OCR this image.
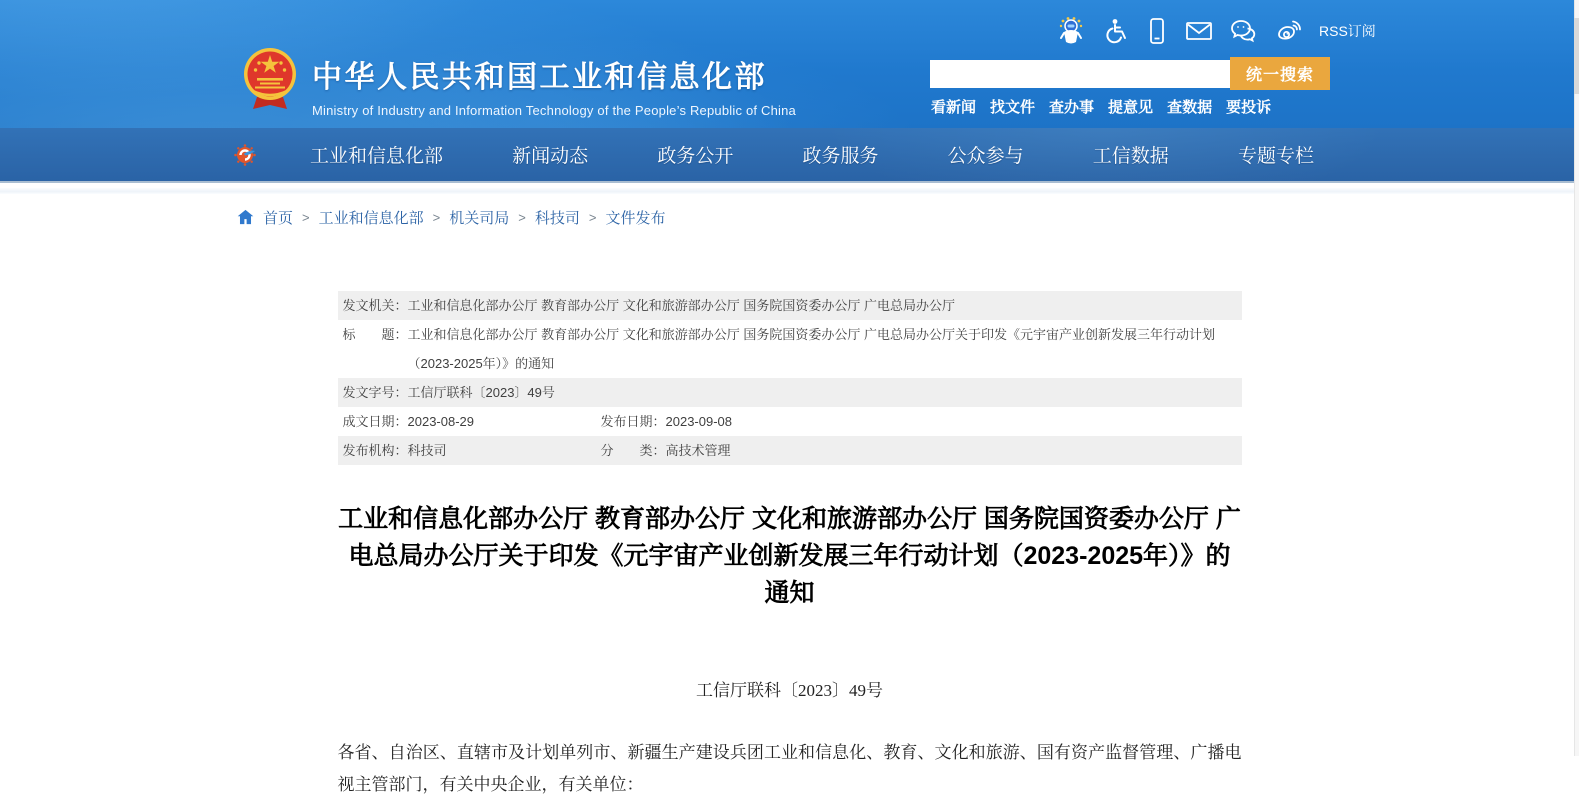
中华人民共和国工业和信息化部
Ministry of Industry and Information Technology of the People’s Republic of China
RSS订阅
统一搜索
看新闻 找文件 查办事 提意见 查数据 要投诉
工业和信息化部	新闻动态	政务公开	政务服务	公众参与	工信数据	专题专栏
首页 > 工业和信息化部 > 机关司局 > 科技司 > 文件发布
发文机关： 工业和信息化部办公厅 教育部办公厅 文化和旅游部办公厅 国务院国资委办公厅 广电总局办公厅
标　　题： 工业和信息化部办公厅 教育部办公厅 文化和旅游部办公厅 国务院国资委办公厅 广电总局办公厅关于印发《元宇宙产业创新发展三年行动计划（2023-2025年）》的通知
发文字号： 工信厅联科〔2023〕49号
成文日期： 2023-08-29	发布日期： 2023-09-08
发布机构： 科技司	分　　类： 高技术管理
工业和信息化部办公厅 教育部办公厅 文化和旅游部办公厅 国务院国资委办公厅 广电总局办公厅关于印发《元宇宙产业创新发展三年行动计划（2023-2025年）》的通知
工信厅联科〔2023〕49号

各省、自治区、直辖市及计划单列市、新疆生产建设兵团工业和信息化、教育、文化和旅游、国有资产监督管理、广播电视主管部门，有关中央企业，有关单位：
